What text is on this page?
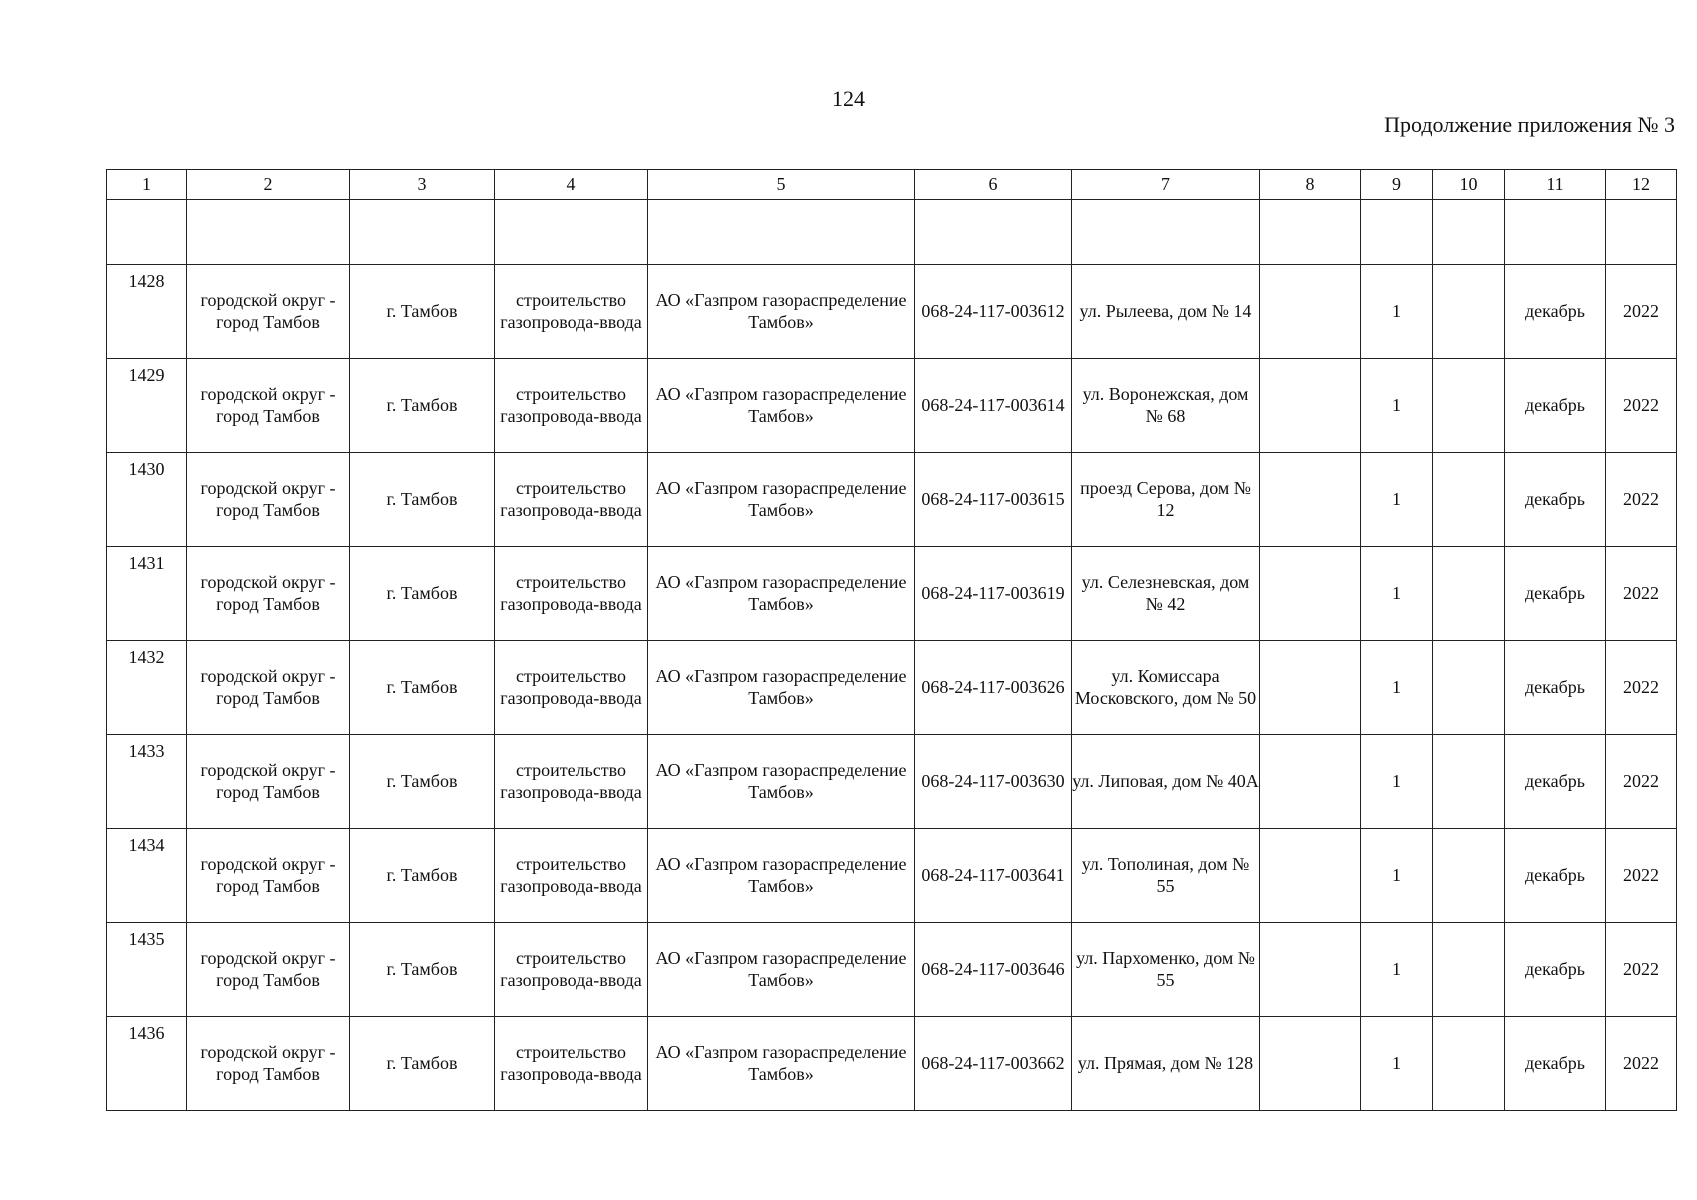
124
Продолжение приложения № 3
1	2	3	4	5	6	7	8	9	10	11	12

1428	городской округ - город Тамбов	г. Тамбов	строительство газопровода-ввода	АО «Газпром газораспределение Тамбов»	068-24-117-003612	ул. Рылеева, дом № 14		1		декабрь	2022
1429	городской округ - город Тамбов	г. Тамбов	строительство газопровода-ввода	АО «Газпром газораспределение Тамбов»	068-24-117-003614	ул. Воронежская, дом № 68		1		декабрь	2022
1430	городской округ - город Тамбов	г. Тамбов	строительство газопровода-ввода	АО «Газпром газораспределение Тамбов»	068-24-117-003615	проезд Серова, дом № 12		1		декабрь	2022
1431	городской округ - город Тамбов	г. Тамбов	строительство газопровода-ввода	АО «Газпром газораспределение Тамбов»	068-24-117-003619	ул. Селезневская, дом № 42		1		декабрь	2022
1432	городской округ - город Тамбов	г. Тамбов	строительство газопровода-ввода	АО «Газпром газораспределение Тамбов»	068-24-117-003626	ул. Комиссара Московского, дом № 50		1		декабрь	2022
1433	городской округ - город Тамбов	г. Тамбов	строительство газопровода-ввода	АО «Газпром газораспределение Тамбов»	068-24-117-003630	ул. Липовая, дом № 40А		1		декабрь	2022
1434	городской округ - город Тамбов	г. Тамбов	строительство газопровода-ввода	АО «Газпром газораспределение Тамбов»	068-24-117-003641	ул. Тополиная, дом № 55		1		декабрь	2022
1435	городской округ - город Тамбов	г. Тамбов	строительство газопровода-ввода	АО «Газпром газораспределение Тамбов»	068-24-117-003646	ул. Пархоменко, дом № 55		1		декабрь	2022
1436	городской округ - город Тамбов	г. Тамбов	строительство газопровода-ввода	АО «Газпром газораспределение Тамбов»	068-24-117-003662	ул. Прямая, дом № 128		1		декабрь	2022
